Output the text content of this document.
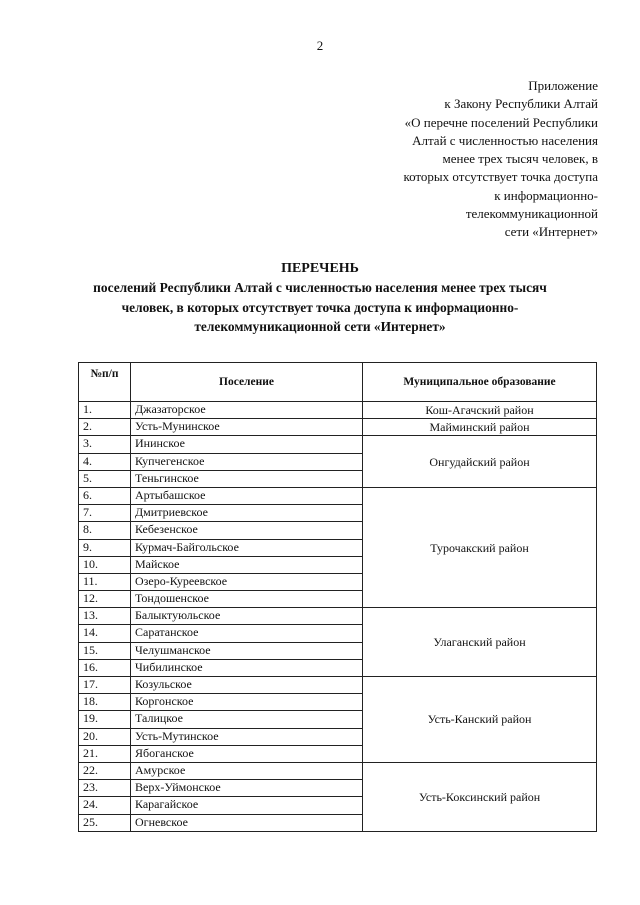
2
Приложение
к Закону Республики Алтай
«О перечне поселений Республики
Алтай с численностью населения
менее трех тысяч человек, в
которых отсутствует точка доступа
к информационно-
телекоммуникационной
сети «Интернет»
ПЕРЕЧЕНЬ
поселений Республики Алтай с численностью населения менее трех тысяч
человек, в которых отсутствует точка доступа к информационно-
телекоммуникационной сети «Интернет»
№п/п	Поселение	Муниципальное образование
1.	Джазаторское	Кош-Агачский район
2.	Усть-Мунинское	Майминский район
3.	Ининское	Онгудайский район
4.	Купчегенское	
5.	Теньгинское	
6.	Артыбашское	Турочакский район
7.	Дмитриевское	
8.	Кебезенское	
9.	Курмач-Байгольское	
10.	Майское	
11.	Озеро-Куреевское	
12.	Тондошенское	
13.	Балыктуюльское	Улаганский район
14.	Саратанское	
15.	Челушманское	
16.	Чибилинское	
17.	Козульское	Усть-Канский район
18.	Коргонское	
19.	Талицкое	
20.	Усть-Мутинское	
21.	Ябоганское	
22.	Амурское	Усть-Коксинский район
23.	Верх-Уймонское	
24.	Карагайское	
25.	Огневское	
